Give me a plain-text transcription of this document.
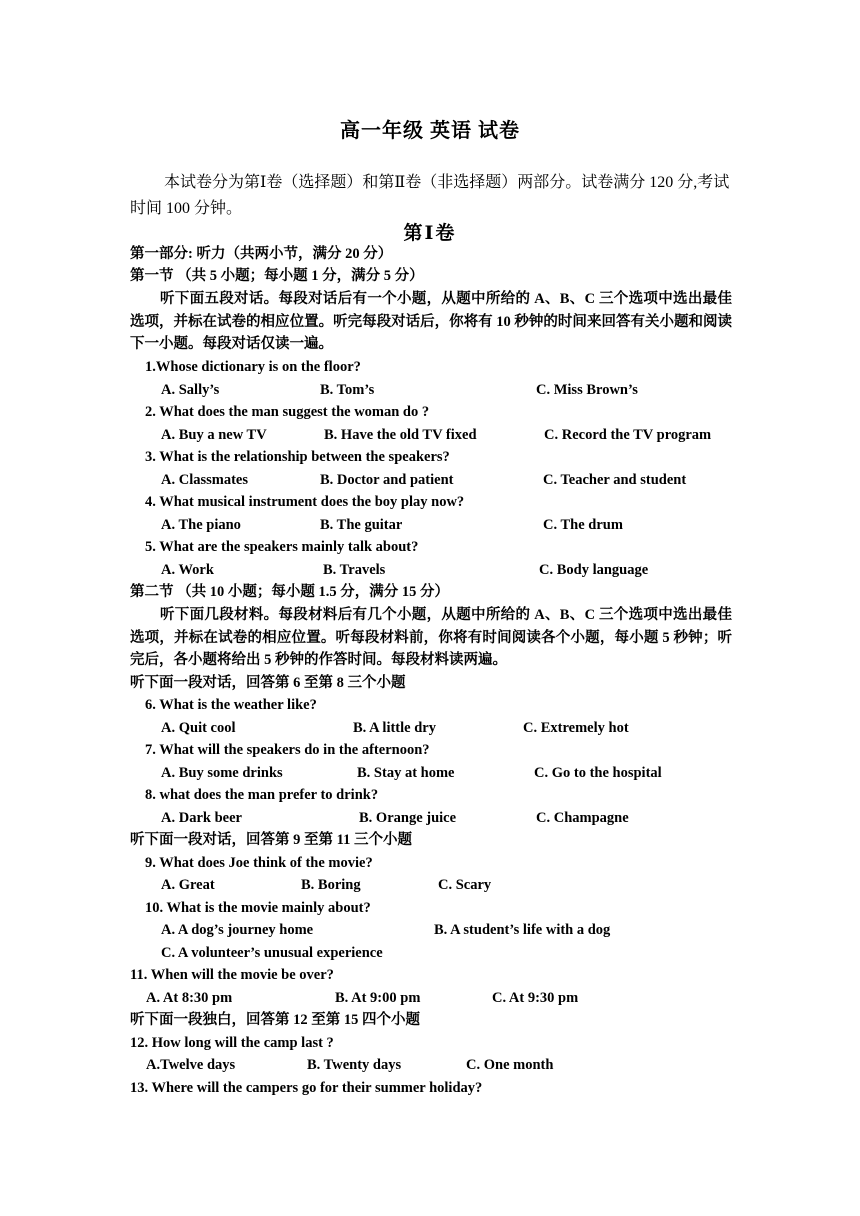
高一年级 英语 试卷
本试卷分为第Ⅰ卷（选择题）和第Ⅱ卷（非选择题）两部分。试卷满分 120 分,考试时间 100 分钟。
第Ⅰ卷
第一部分: 听力（共两小节，满分 20 分）
第一节 （共 5 小题；每小题 1 分，满分 5 分）
听下面五段对话。每段对话后有一个小题，从题中所给的 A、B、C 三个选项中选出最佳选项，并标在试卷的相应位置。听完每段对话后，你将有 10 秒钟的时间来回答有关小题和阅读下一小题。每段对话仅读一遍。
1.Whose dictionary is on the floor?
A. Sally’s	B. Tom’s	C. Miss Brown’s
2. What does the man suggest the woman do ?
A. Buy a new TV	B. Have the old TV fixed	C. Record the TV program
3. What is the relationship between the speakers?
A. Classmates	B. Doctor and patient	C. Teacher and student
4. What musical instrument does the boy play now?
A. The piano	B. The guitar	C. The drum
5. What are the speakers mainly talk about?
A. Work	B. Travels	C. Body language
第二节 （共 10 小题；每小题 1.5 分，满分 15 分）
听下面几段材料。每段材料后有几个小题，从题中所给的 A、B、C 三个选项中选出最佳选项，并标在试卷的相应位置。听每段材料前，你将有时间阅读各个小题，每小题 5 秒钟；听完后，各小题将给出 5 秒钟的作答时间。每段材料读两遍。
听下面一段对话，回答第 6 至第 8 三个小题
6. What is the weather like?
A. Quit cool	B. A little dry	C. Extremely hot
7. What will the speakers do in the afternoon?
A. Buy some drinks	B. Stay at home	C. Go to the hospital
8. what does the man prefer to drink?
A. Dark beer	B. Orange juice	C. Champagne
听下面一段对话，回答第 9 至第 11 三个小题
9. What does Joe think of the movie?
A. Great	B. Boring	C. Scary
10. What is the movie mainly about?
A. A dog’s journey home	B. A student’s life with a dog
C. A volunteer’s unusual experience
11. When will the movie be over?
A. At 8:30 pm	B. At 9:00 pm	C. At 9:30 pm
听下面一段独白，回答第 12 至第 15 四个小题
12. How long will the camp last ?
A.Twelve days	B. Twenty days	C. One month
13. Where will the campers go for their summer holiday?
